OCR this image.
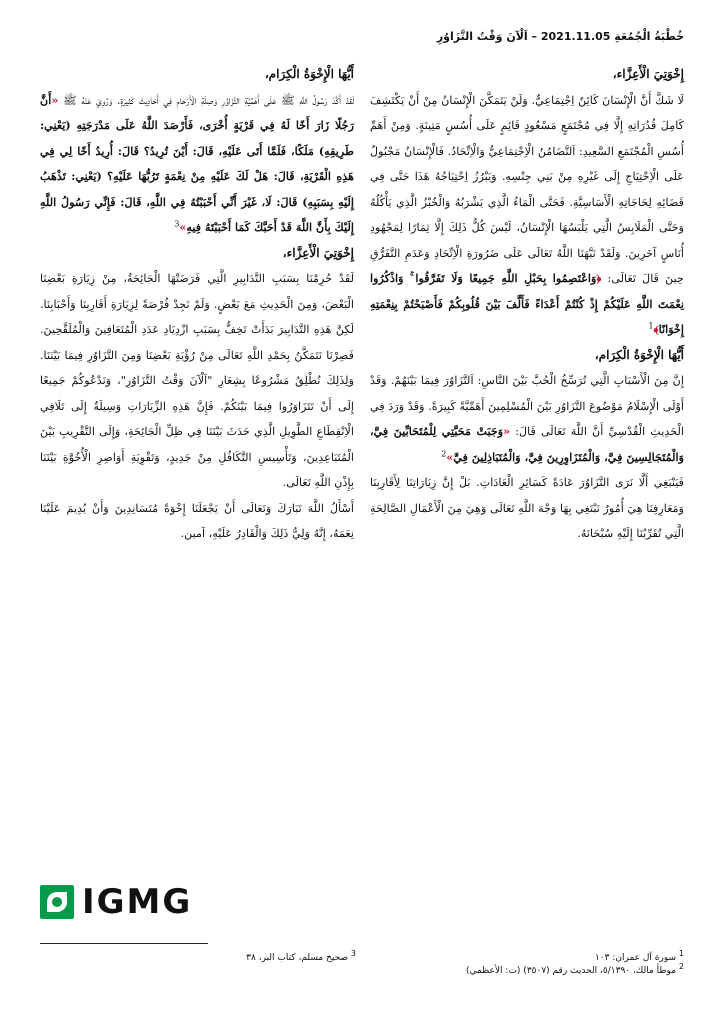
خُطْبَةُ الْجُمُعَةِ 2021.11.05 – اَلْآنَ وَقْتُ التَّزَاوُرِ

إِخْوَتِيَ الْأَعِزَّاء،

لَا شَكَّ أَنَّ الْإِنْسَانَ كَائِنٌ اِجْتِمَاعِيٌّ. وَلَنْ يَتَمَكَّنَ الْإِنْسَانُ مِنْ أَنْ يَكْتَشِفَ كَامِلَ قُدُرَاتِهِ إِلَّا فِي مُجْتَمَعٍ مَسْعُودٍ قَائِمٍ عَلَى أُسُسٍ مَتِينَةٍ. وَمِنْ أَهَمِّ أُسُسِ الْمُجْتَمَعِ السَّعِيدِ: اَلتَّضَامُنُ الْاِجْتِمَاعِيُّ وَالْاِتِّحَادُ. فَالْإِنْسَانُ مَجْبُولٌ عَلَى الْاِحْتِيَاجِ إِلَى غَيْرِهِ مِنْ بَنِي جِنْسِهِ. وَيَبْرُزُ اِحْتِيَاجُهُ هَذَا حَتَّى فِي قَضَائِهِ لِحَاجَاتِهِ الْأَسَاسِيَّةِ. فَحَتَّى الْمَاءُ الَّذِي يَشْرَبُهُ وَالْخُبْزُ الَّذِي يَأْكُلُهُ وَحَتَّى الْمَلَابِسُ الَّتِي يَلْبَسُهَا الْإِنْسَانُ، لَيْسَ كُلُّ ذَلِكَ إِلَّا ثِمَارًا لِمَجْهُودِ أُنَاسٍ آخَرِينَ. وَلَقَدْ نَبَّهَنَا اللَّهُ تَعَالَى عَلَى ضَرُورَةِ الْاِتِّحَادِ وَعَدَمِ التَّفَرُّقِ حِينَ قَالَ تَعَالَى: ﴿وَاعْتَصِمُوا بِحَبْلِ اللَّهِ جَمِيعًا وَلَا تَفَرَّقُوا ۚ وَاذْكُرُوا نِعْمَتَ اللَّهِ عَلَيْكُمْ إِذْ كُنْتُمْ أَعْدَاءً فَأَلَّفَ بَيْنَ قُلُوبِكُمْ فَأَصْبَحْتُمْ بِنِعْمَتِهِ إِخْوَانًا﴾$^1$

أَيُّهَا الْإِخْوَةُ الْكِرَام،

إِنَّ مِنَ الْأَسْبَابِ الَّتِي تُرَسِّخُ الْحُبَّ بَيْنَ النَّاسِ: اَلتَّزَاوُرَ فِيمَا بَيْنَهُمْ. وَقَدْ أَوْلَى الْإِسْلَامُ مَوْضُوعَ التَّزَاوُرِ بَيْنَ الْمُسْلِمِينَ أَهَمِّيَّةً كَبِيرَةً. وَقَدْ وَرَدَ فِي الْحَدِيثِ الْقُدْسِيِّ أَنَّ اللَّهَ تَعَالَى قَالَ: «وَجَبَتْ مَحَبَّتِي لِلْمُتَحَابِّينَ فِيَّ، وَالْمُتَجَالِسِينَ فِيَّ، وَالْمُتَزَاوِرِينَ فِيَّ، وَالْمُتَبَاذِلِينَ فِيَّ»$^2$

فَيَنْبَغِي أَلَّا نَرَى التَّزَاوُرَ عَادَةً كَسَائِرِ الْعَادَاتِ. بَلْ إِنَّ زِيَارَاتِنَا لِأَقَارِبِنَا وَمَعَارِفِنَا هِيَ أُمُورٌ نَبْتَغِي بِهَا وَجْهَ اللَّهِ تَعَالَى وَهِيَ مِنَ الْأَعْمَالِ الصَّالِحَةِ الَّتِي تُقَرِّبُنَا إِلَيْهِ سُبْحَانَهُ.

أَيُّهَا الْإِخْوَةُ الْكِرَام،

لَقَدْ أَكَّدَ رَسُولُ اللَّهِ ﷺ عَلَى أَهَمِّيَّةِ التَّزَاوُرِ وَصِلَةِ الْأَرْحَامِ فِي أَحَادِيثَ كَثِيرَةٍ. وَرُوِيَ عَنْهُ ﷺ «أَنَّ رَجُلًا زَارَ أَخًا لَهُ فِي قَرْيَةٍ أُخْرَى، فَأَرْصَدَ اللَّهُ عَلَى مَدْرَجَتِهِ (يَعْنِي: طَرِيقِهِ) مَلَكًا، فَلَمَّا أَتَى عَلَيْهِ، قَالَ: أَيْنَ تُرِيدُ؟ قَالَ: أُرِيدُ أَخًا لِي فِي هَذِهِ الْقَرْيَةِ، قَالَ: هَلْ لَكَ عَلَيْهِ مِنْ نِعْمَةٍ تَرُبُّهَا عَلَيْهِ؟ (يَعْنِي: تَذْهَبُ إِلَيْهِ بِسَبَبِهِ) قَالَ: لَا، غَيْرَ أَنِّي أَحْبَبْتُهُ فِي اللَّهِ، قَالَ: فَإِنِّي رَسُولُ اللَّهِ إِلَيْكَ بِأَنَّ اللَّهَ قَدْ أَحَبَّكَ كَمَا أَحْبَبْتَهُ فِيهِ»$^3$

إِخْوَتِيَ الْأَعِزَّاء،

لَقَدْ حُرِمْنَا بِسَبَبِ التَّدَابِيرِ الَّتِي فَرَضَتْهَا الْجَائِحَةُ، مِنْ زِيَارَةِ بَعْضِنَا الْبَعْضَ، وَمِنَ الْحَدِيثِ مَعَ بَعْضٍ. وَلَمْ نَجِدْ فُرْصَةً لِزِيَارَةِ أَقَارِبِنَا وَأَحْبَابِنَا. لَكِنَّ هَذِهِ التَّدَابِيرَ بَدَأَتْ تَخِفُّ بِسَبَبِ ازْدِيَادِ عَدَدِ الْمُتَعَافِينَ وَالْمُلَقَّحِينَ. فَصِرْنَا نَتَمَكَّنُ بِحَمْدِ اللَّهِ تَعَالَى مِنْ رُؤْيَةِ بَعْضِنَا وَمِنَ التَّزَاوُرِ فِيمَا بَيْنَنَا. وَلِذَلِكَ نُطْلِقُ مَشْرُوعًا بِشِعَارِ "اَلْآنَ وَقْتُ التَّزَاوُرِ"، وَنَدْعُوكُمْ جَمِيعًا إِلَى أَنْ تَتَزَاوَرُوا فِيمَا بَيْنَكُمْ. فَإِنَّ هَذِهِ الزِّيَارَاتِ وَسِيلَةٌ إِلَى تَلَافِي الْاِنْقِطَاعِ الطَّوِيلِ الَّذِي حَدَثَ بَيْنَنَا فِي ظِلِّ الْجَائِحَةِ، وَإِلَى التَّقْرِيبِ بَيْنَ الْمُتَبَاعِدِينَ، وَتَأْسِيسِ التَّكَافُلِ مِنْ جَدِيدٍ، وَتَقْوِيَةِ أَوَاصِرِ الْأُخُوَّةِ بَيْنَنَا بِإِذْنِ اللَّهِ تَعَالَى.

أَسْأَلُ اللَّهَ تَبَارَكَ وَتَعَالَى أَنْ يَجْعَلَنَا إِخْوَةً مُتَسَانِدِينَ وَأَنْ يُدِيمَ عَلَيْنَا نِعَمَهُ، إِنَّهُ وَلِيُّ ذَلِكَ وَالْقَادِرُ عَلَيْهِ، آمين.

IGMG
$^3$ صحيح مسلم، كتاب البر، ٣٨	$^1$ سورة آل عمران: ١٠٣
$^2$ موطأ مالك، ٥/١٣٩٠، الحديث رقم (٣٥٠٧) (ت: الأعظمي)
